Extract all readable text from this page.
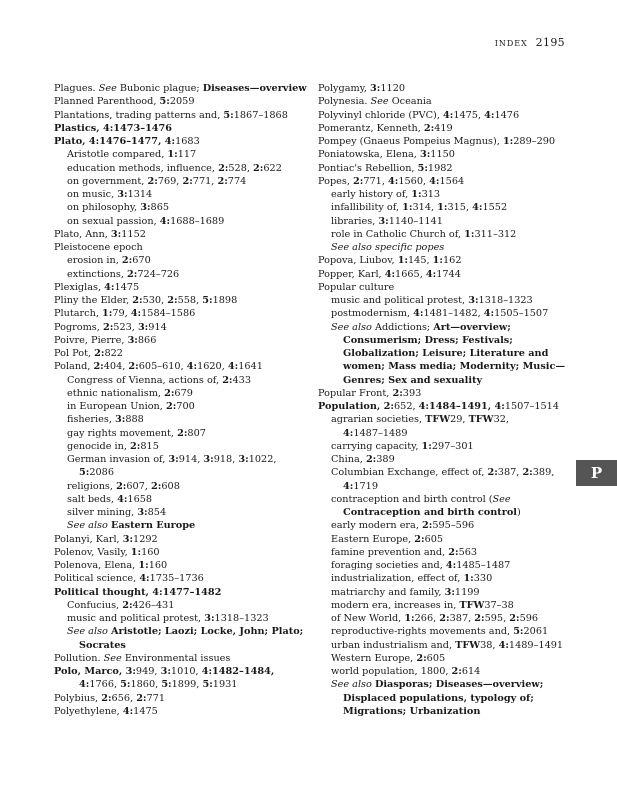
INDEX 2195
Plagues. See Bubonic plague; Diseases—overview
Planned Parenthood, 5:2059
Plantations, trading patterns and, 5:1867–1868
Plastics, 4:1473–1476
Plato, 4:1476–1477, 4:1683
Aristotle compared, 1:117
education methods, influence, 2:528, 2:622
on government, 2:769, 2:771, 2:774
on music, 3:1314
on philosophy, 3:865
on sexual passion, 4:1688–1689
Plato, Ann, 3:1152
Pleistocene epoch
erosion in, 2:670
extinctions, 2:724–726
Plexiglas, 4:1475
Pliny the Elder, 2:530, 2:558, 5:1898
Plutarch, 1:79, 4:1584–1586
Pogroms, 2:523, 3:914
Poivre, Pierre, 3:866
Pol Pot, 2:822
Poland, 2:404, 2:605–610, 4:1620, 4:1641
Congress of Vienna, actions of, 2:433
ethnic nationalism, 2:679
in European Union, 2:700
fisheries, 3:888
gay rights movement, 2:807
genocide in, 2:815
German invasion of, 3:914, 3:918, 3:1022,
5:2086
religions, 2:607, 2:608
salt beds, 4:1658
silver mining, 3:854
See also Eastern Europe
Polanyi, Karl, 3:1292
Polenov, Vasily, 1:160
Polenova, Elena, 1:160
Political science, 4:1735–1736
Political thought, 4:1477–1482
Confucius, 2:426–431
music and political protest, 3:1318–1323
See also Aristotle; Laozi; Locke, John; Plato;
Socrates
Pollution. See Environmental issues
Polo, Marco, 3:949, 3:1010, 4:1482–1484,
4:1766, 5:1860, 5:1899, 5:1931
Polybius, 2:656, 2:771
Polyethylene, 4:1475
Polygamy, 3:1120
Polynesia. See Oceania
Polyvinyl chloride (PVC), 4:1475, 4:1476
Pomerantz, Kenneth, 2:419
Pompey (Gnaeus Pompeius Magnus), 1:289–290
Poniatowska, Elena, 3:1150
Pontiac's Rebellion, 5:1982
Popes, 2:771, 4:1560, 4:1564
early history of, 1:313
infallibility of, 1:314, 1:315, 4:1552
libraries, 3:1140–1141
role in Catholic Church of, 1:311–312
See also specific popes
Popova, Liubov, 1:145, 1:162
Popper, Karl, 4:1665, 4:1744
Popular culture
music and political protest, 3:1318–1323
postmodernism, 4:1481–1482, 4:1505–1507
See also Addictions; Art—overview;
Consumerism; Dress; Festivals;
Globalization; Leisure; Literature and
women; Mass media; Modernity; Music—
Genres; Sex and sexuality
Popular Front, 2:393
Population, 2:652, 4:1484–1491, 4:1507–1514
agrarian societies, TFW29, TFW32,
4:1487–1489
carrying capacity, 1:297–301
China, 2:389
Columbian Exchange, effect of, 2:387, 2:389,
4:1719
contraception and birth control (See
Contraception and birth control)
early modern era, 2:595–596
Eastern Europe, 2:605
famine prevention and, 2:563
foraging societies and, 4:1485–1487
industrialization, effect of, 1:330
matriarchy and family, 3:1199
modern era, increases in, TFW37–38
of New World, 1:266, 2:387, 2:595, 2:596
reproductive-rights movements and, 5:2061
urban industrialism and, TFW38, 4:1489–1491
Western Europe, 2:605
world population, 1800, 2:614
See also Diasporas; Diseases—overview;
Displaced populations, typology of;
Migrations; Urbanization
P
